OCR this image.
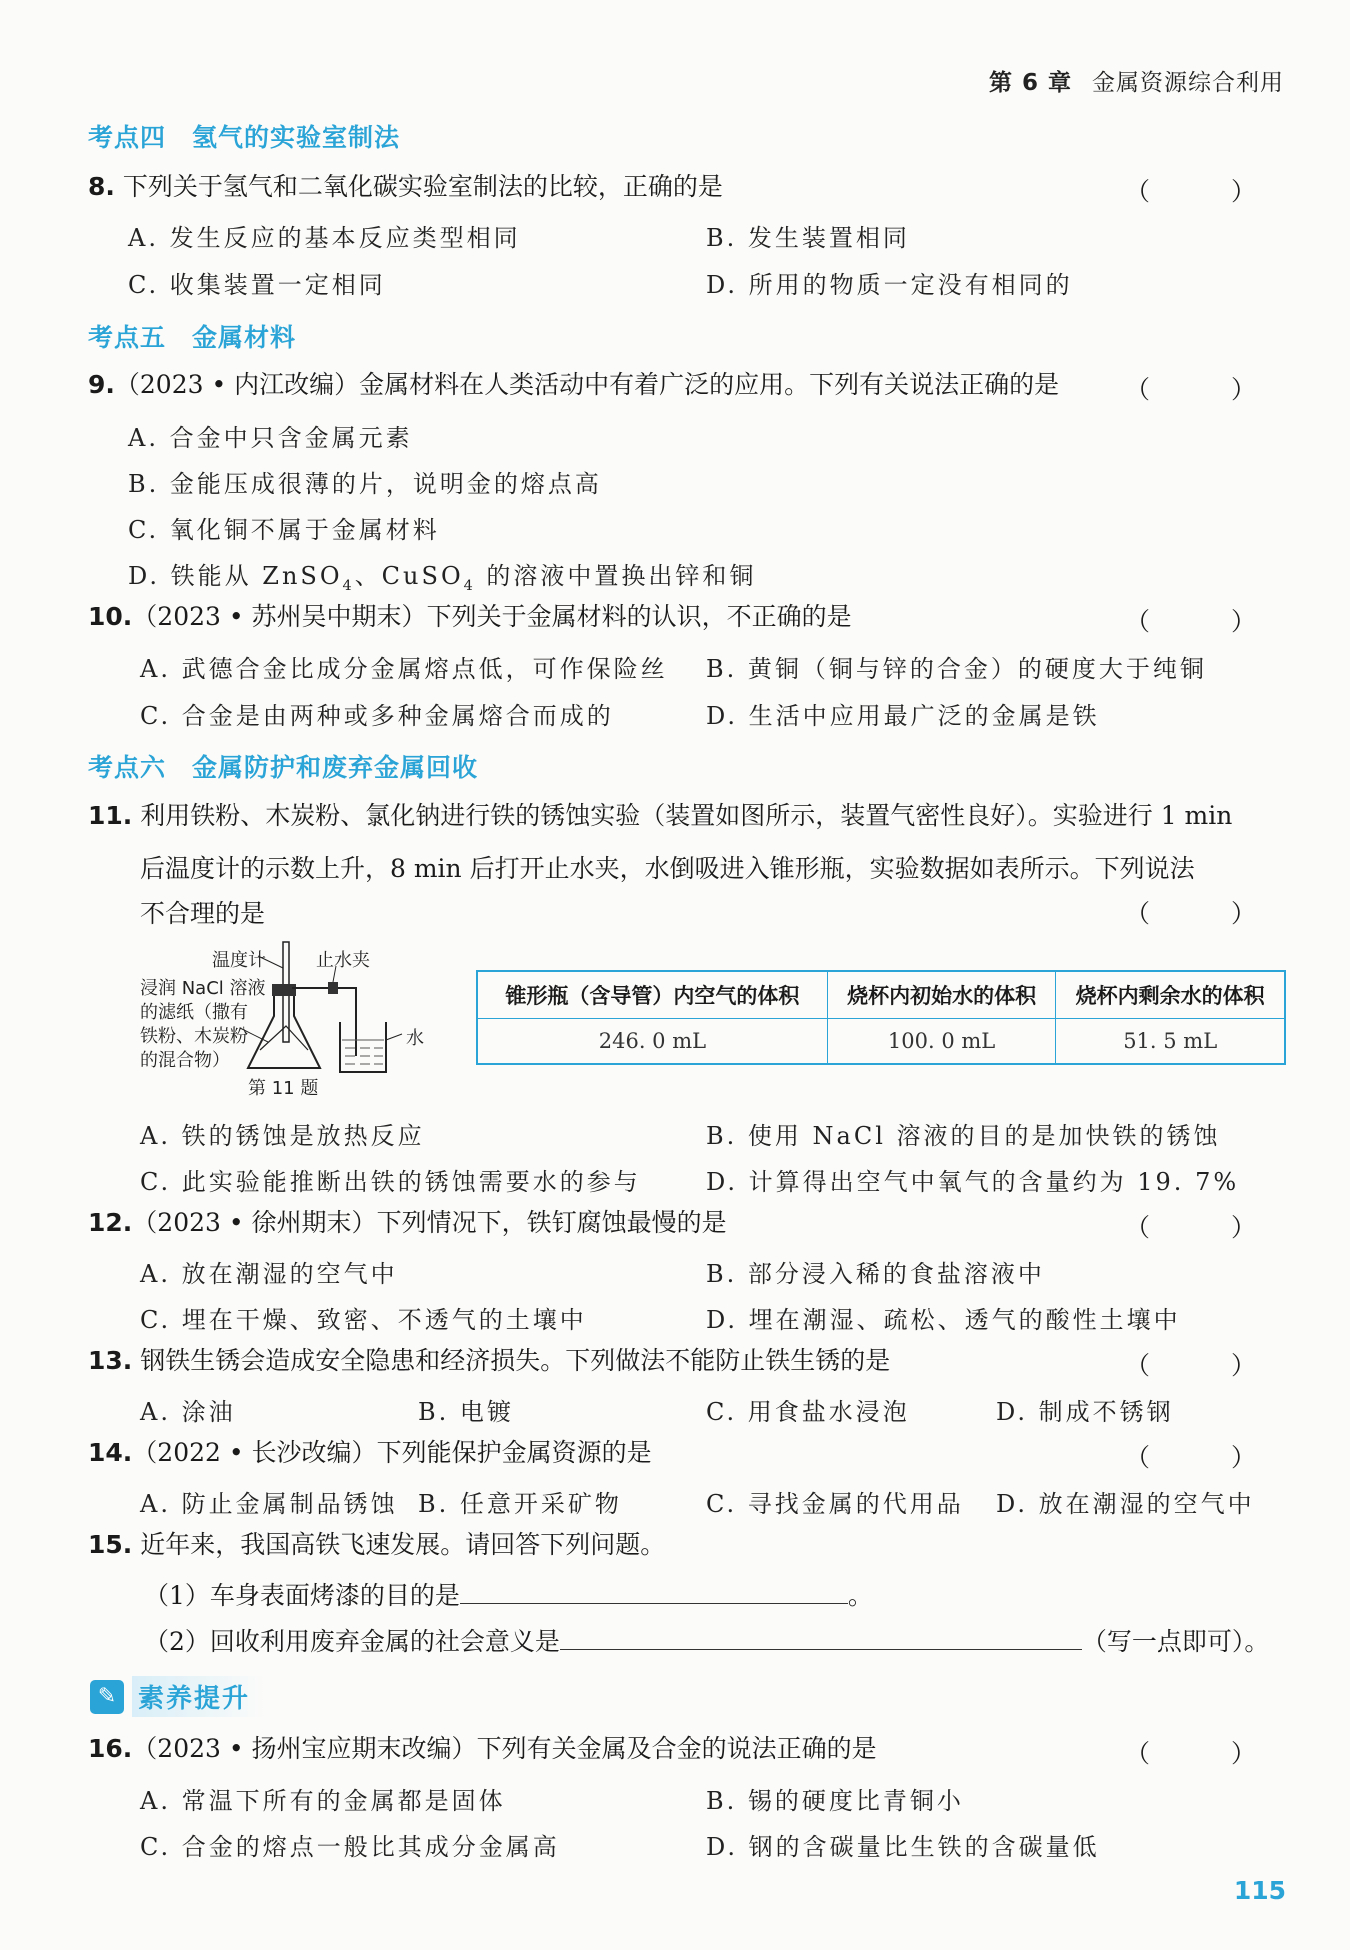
第 6 章 金属资源综合利用
考点四 氢气的实验室制法
8. 下列关于氢气和二氧化碳实验室制法的比较，正确的是	（　）
A. 发生反应的基本反应类型相同	B. 发生装置相同
C. 收集装置一定相同	D. 所用的物质一定没有相同的
考点五 金属材料
9.（2023 • 内江改编）金属材料在人类活动中有着广泛的应用。下列有关说法正确的是	（　）
A. 合金中只含金属元素
B. 金能压成很薄的片，说明金的熔点高
C. 氧化铜不属于金属材料
D. 铁能从 ZnSO$_4$、CuSO$_4$ 的溶液中置换出锌和铜
10.（2023 • 苏州吴中期末）下列关于金属材料的认识，不正确的是	（　）
A. 武德合金比成分金属熔点低，可作保险丝 B. 黄铜（铜与锌的合金）的硬度大于纯铜
C. 合金是由两种或多种金属熔合而成的	D. 生活中应用最广泛的金属是铁
考点六 金属防护和废弃金属回收
11. 利用铁粉、木炭粉、氯化钠进行铁的锈蚀实验（装置如图所示，装置气密性良好）。实验进行 1 min
后温度计的示数上升，8 min 后打开止水夹，水倒吸进入锥形瓶，实验数据如表所示。下列说法
不合理的是	（　）
温度计	止水夹
浸润 NaCl 溶液
的滤纸（撒有
铁粉、木炭粉
的混合物）
水
第 11 题
锥形瓶（含导管）内空气的体积	烧杯内初始水的体积	烧杯内剩余水的体积
246. 0 mL	100. 0 mL	51. 5 mL
A. 铁的锈蚀是放热反应	B. 使用 NaCl 溶液的目的是加快铁的锈蚀
C. 此实验能推断出铁的锈蚀需要水的参与	D. 计算得出空气中氧气的含量约为 19. 7%
12.（2023 • 徐州期末）下列情况下，铁钉腐蚀最慢的是	（　）
A. 放在潮湿的空气中	B. 部分浸入稀的食盐溶液中
C. 埋在干燥、致密、不透气的土壤中	D. 埋在潮湿、疏松、透气的酸性土壤中
13. 钢铁生锈会造成安全隐患和经济损失。下列做法不能防止铁生锈的是	（　）
A. 涂油	B. 电镀	C. 用食盐水浸泡	D. 制成不锈钢
14.（2022 • 长沙改编）下列能保护金属资源的是	（　）
A. 防止金属制品锈蚀 B. 任意开采矿物	C. 寻找金属的代用品 D. 放在潮湿的空气中
15. 近年来，我国高铁飞速发展。请回答下列问题。
（1）车身表面烤漆的目的是	。
（2）回收利用废弃金属的社会意义是	（写一点即可）。
✎ 素养提升
16.（2023 • 扬州宝应期末改编）下列有关金属及合金的说法正确的是	（　）
A. 常温下所有的金属都是固体	B. 锡的硬度比青铜小
C. 合金的熔点一般比其成分金属高	D. 钢的含碳量比生铁的含碳量低
115
